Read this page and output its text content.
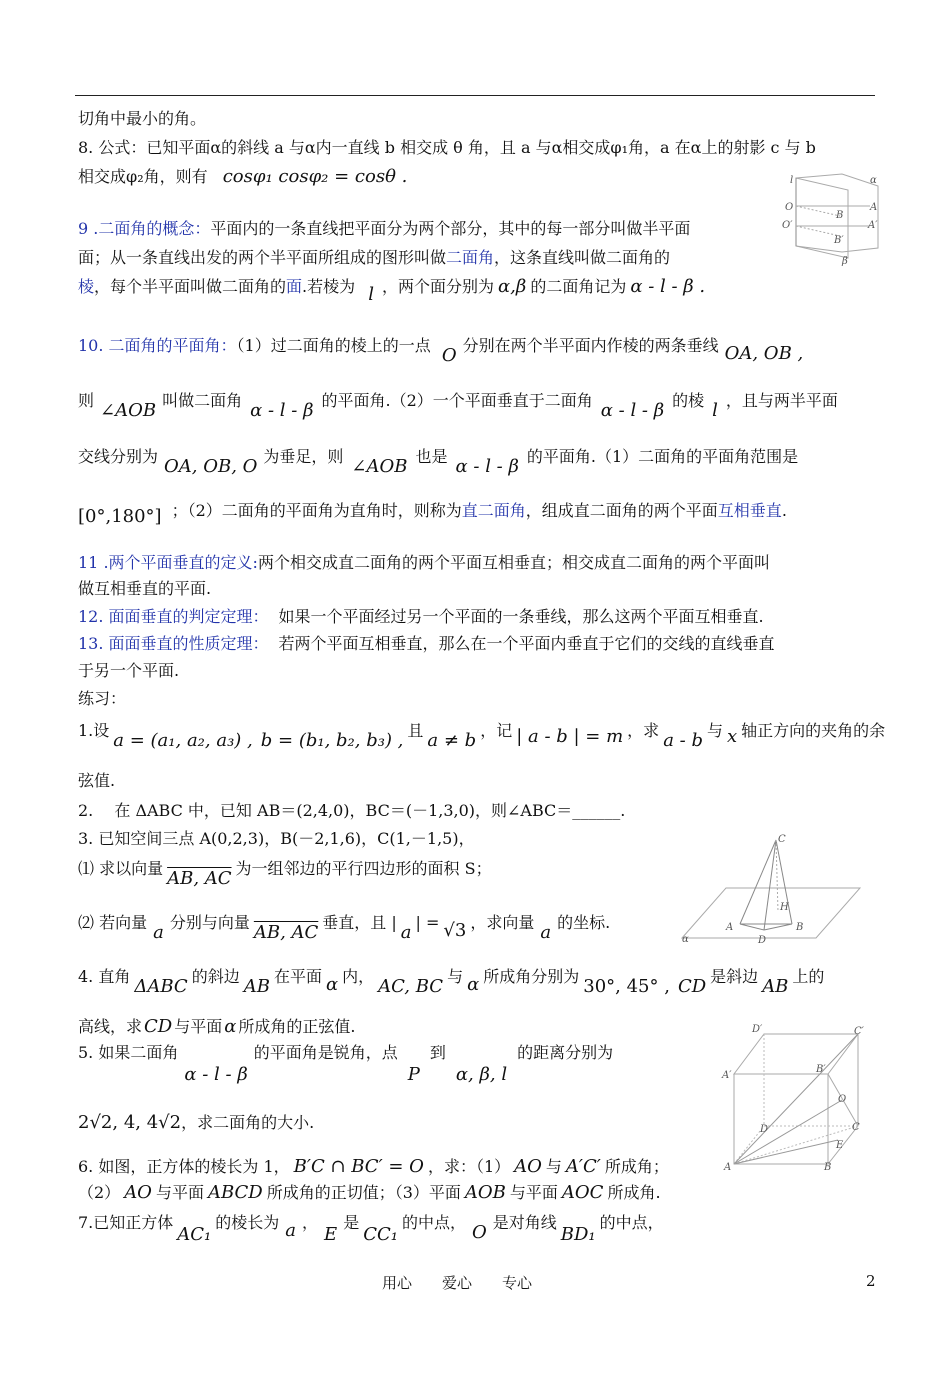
切角中最小的角。
8. 公式：已知平面α的斜线 a 与α内一直线 b 相交成 θ 角，且 a 与α相交成φ₁角，a 在α上的射影 c 与 b
相交成φ₂角，则有 cosφ₁ cosφ₂ = cosθ .
9 .二面角的概念：平面内的一条直线把平面分为两个部分，其中的每一部分叫做半平面
面；从一条直线出发的两个半平面所组成的图形叫做二面角，这条直线叫做二面角的
棱，每个半平面叫做二面角的面.若棱为 l ，两个面分别为 α,β 的二面角记为 α - l - β .
10. 二面角的平面角：（1）过二面角的棱上的一点 O 分别在两个半平面内作棱的两条垂线 OA, OB ,
则 ∠AOB 叫做二面角 α - l - β 的平面角.（2）一个平面垂直于二面角 α - l - β 的棱 l ，且与两半平面
交线分别为 OA, OB, O 为垂足，则 ∠AOB 也是 α - l - β 的平面角.（1）二面角的平面角范围是
[0°,180°] ；（2）二面角的平面角为直角时，则称为直二面角，组成直二面角的两个平面互相垂直.
11 .两个平面垂直的定义:两个相交成直二面角的两个平面互相垂直；相交成直二面角的两个平面叫
做互相垂直的平面.
12. 面面垂直的判定定理： 如果一个平面经过另一个平面的一条垂线，那么这两个平面互相垂直.
13. 面面垂直的性质定理： 若两个平面互相垂直，那么在一个平面内垂直于它们的交线的直线垂直
于另一个平面.
练习：
1.设 a = (a₁, a₂, a₃) , b = (b₁, b₂, b₃) , 且 a ≠ b ，记 | a - b | = m ，求 a - b 与 x 轴正方向的夹角的余
弦值.
2.　 在 ΔABC 中，已知 AB＝(2,4,0)，BC＝(－1,3,0)，则∠ABC＝______.
3. 已知空间三点 A(0,2,3)，B(－2,1,6)，C(1,－1,5)，
⑴ 求以向量 AB, AC 为一组邻边的平行四边形的面积 S；
⑵ 若向量 a 分别与向量 AB, AC 垂直，且 | a | = √3 ，求向量 a 的坐标.
4. 直角 ΔABC 的斜边 AB 在平面 α 内， AC, BC 与 α 所成角分别为 30°, 45° , CD 是斜边 AB 上的
高线，求 CD 与平面 α 所成角的正弦值.
5. 如果二面角α - l - β的平面角是锐角，点P到α, β, l的距离分别为
2√2, 4, 4√2，求二面角的大小.
6. 如图，正方体的棱长为 1， B′C ∩ BC′ = O ，求：（1） AO 与 A′C′ 所成角；
（2） AO 与平面 ABCD 所成角的正切值；（3）平面 AOB 与平面 AOC 所成角.
7.已知正方体AC₁的棱长为 a ，E是CC₁的中点， O 是对角线BD₁的中点，
l	α
O	A
B
O′	A′
B′
β
C
H
A
D
B
α
D′	C′
A′
B′
O
D	C
E
A	B
用心　　爱心　　专心	2
